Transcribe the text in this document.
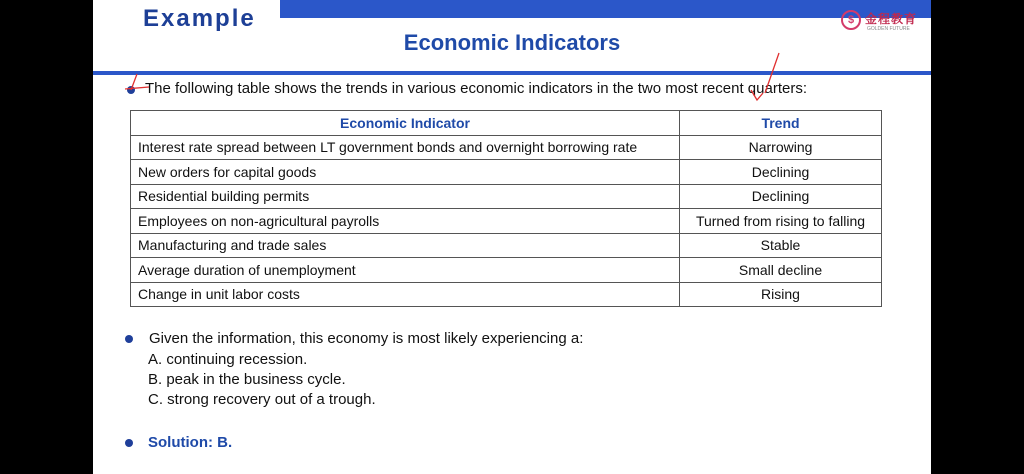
Example
Economic Indicators
$ 金程教育
GOLDEN FUTURE
The following table shows the trends in various economic indicators in the two most recent quarters:
Economic Indicator	Trend
Interest rate spread between LT government bonds and overnight borrowing rate	Narrowing
New orders for capital goods	Declining
Residential building permits	Declining
Employees on non-agricultural payrolls	Turned from rising to falling
Manufacturing and trade sales	Stable
Average duration of unemployment	Small decline
Change in unit labor costs	Rising
Given the information, this economy is most likely experiencing a:
A. continuing recession.
B. peak in the business cycle.
C. strong recovery out of a trough.
Solution: B.
